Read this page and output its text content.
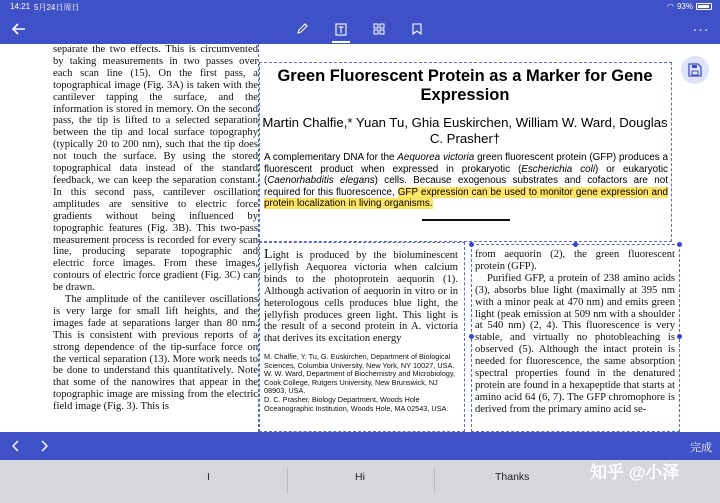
14:21 5月24日周日	◠ 93%
···

separate the two effects. This is circumvented by taking measurements in two passes over each scan line (15). On the first pass, a topographical image (Fig. 3A) is taken with the cantilever tapping the surface, and the information is stored in memory. On the second pass, the tip is lifted to a selected separation between the tip and local surface topography (typically 20 to 200 nm), such that the tip does not touch the surface. By using the stored topographical data instead of the standard feedback, we can keep the separation constant. In this second pass, cantilever oscillation amplitudes are sensitive to electric force gradients without being influenced by topographic features (Fig. 3B). This two-pass measurement process is recorded for every scan line, producing separate topographic and electric force images. From these images, contours of electric force gradient (Fig. 3C) can be drawn.

The amplitude of the cantilever oscillations is very large for small lift heights, and the images fade at separations larger than 80 nm. This is consistent with previous reports of a strong dependence of the tip-surface force on the vertical separation (13). More work needs to be done to understand this quantitatively. Note that some of the nanowires that appear in the topographic image are missing from the electric field image (Fig. 3). This is

Green Fluorescent Protein as a Marker for Gene Expression
Martin Chalfie,* Yuan Tu, Ghia Euskirchen, William W. Ward, Douglas C. Prasher†
A complementary DNA for the Aequorea victoria green fluorescent protein (GFP) produces a fluorescent product when expressed in prokaryotic (Escherichia coli) or eukaryotic (Caenorhabditis elegans) cells. Because exogenous substrates and cofactors are not required for this fluorescence, GFP expression can be used to monitor gene expression and protein localization in living organisms.
Light is produced by the bioluminescent jellyfish Aequorea victoria when calcium binds to the photoprotein aequorin (1). Although activation of aequorin in vitro or in heterologous cells produces blue light, the jellyfish produces green light. This light is the result of a second protein in A. victoria that derives its excitation energy
M. Chalfie, Y. Tu, G. Euskirchen, Department of Biological Sciences, Columbia University, New York, NY 10027, USA.
W. W. Ward, Department of Biochemistry and Microbiology, Cook College, Rutgers University, New Brunswick, NJ 08903, USA.
D. C. Prasher, Biology Department, Woods Hole Oceanographic Institution, Woods Hole, MA 02543, USA.

from aequorin (2), the green fluorescent protein (GFP).

Purified GFP, a protein of 238 amino acids (3), absorbs blue light (maximally at 395 nm with a minor peak at 470 nm) and emits green light (peak emission at 509 nm with a shoulder at 540 nm) (2, 4). This fluorescence is very stable, and virtually no photobleaching is observed (5). Although the intact protein is needed for fluorescence, the same absorption spectral properties found in the denatured protein are found in a hexapeptide that starts at amino acid 64 (6, 7). The GFP chromophore is derived from the primary amino acid se-

完成
I	Hi	Thanks	知乎 @小泽
